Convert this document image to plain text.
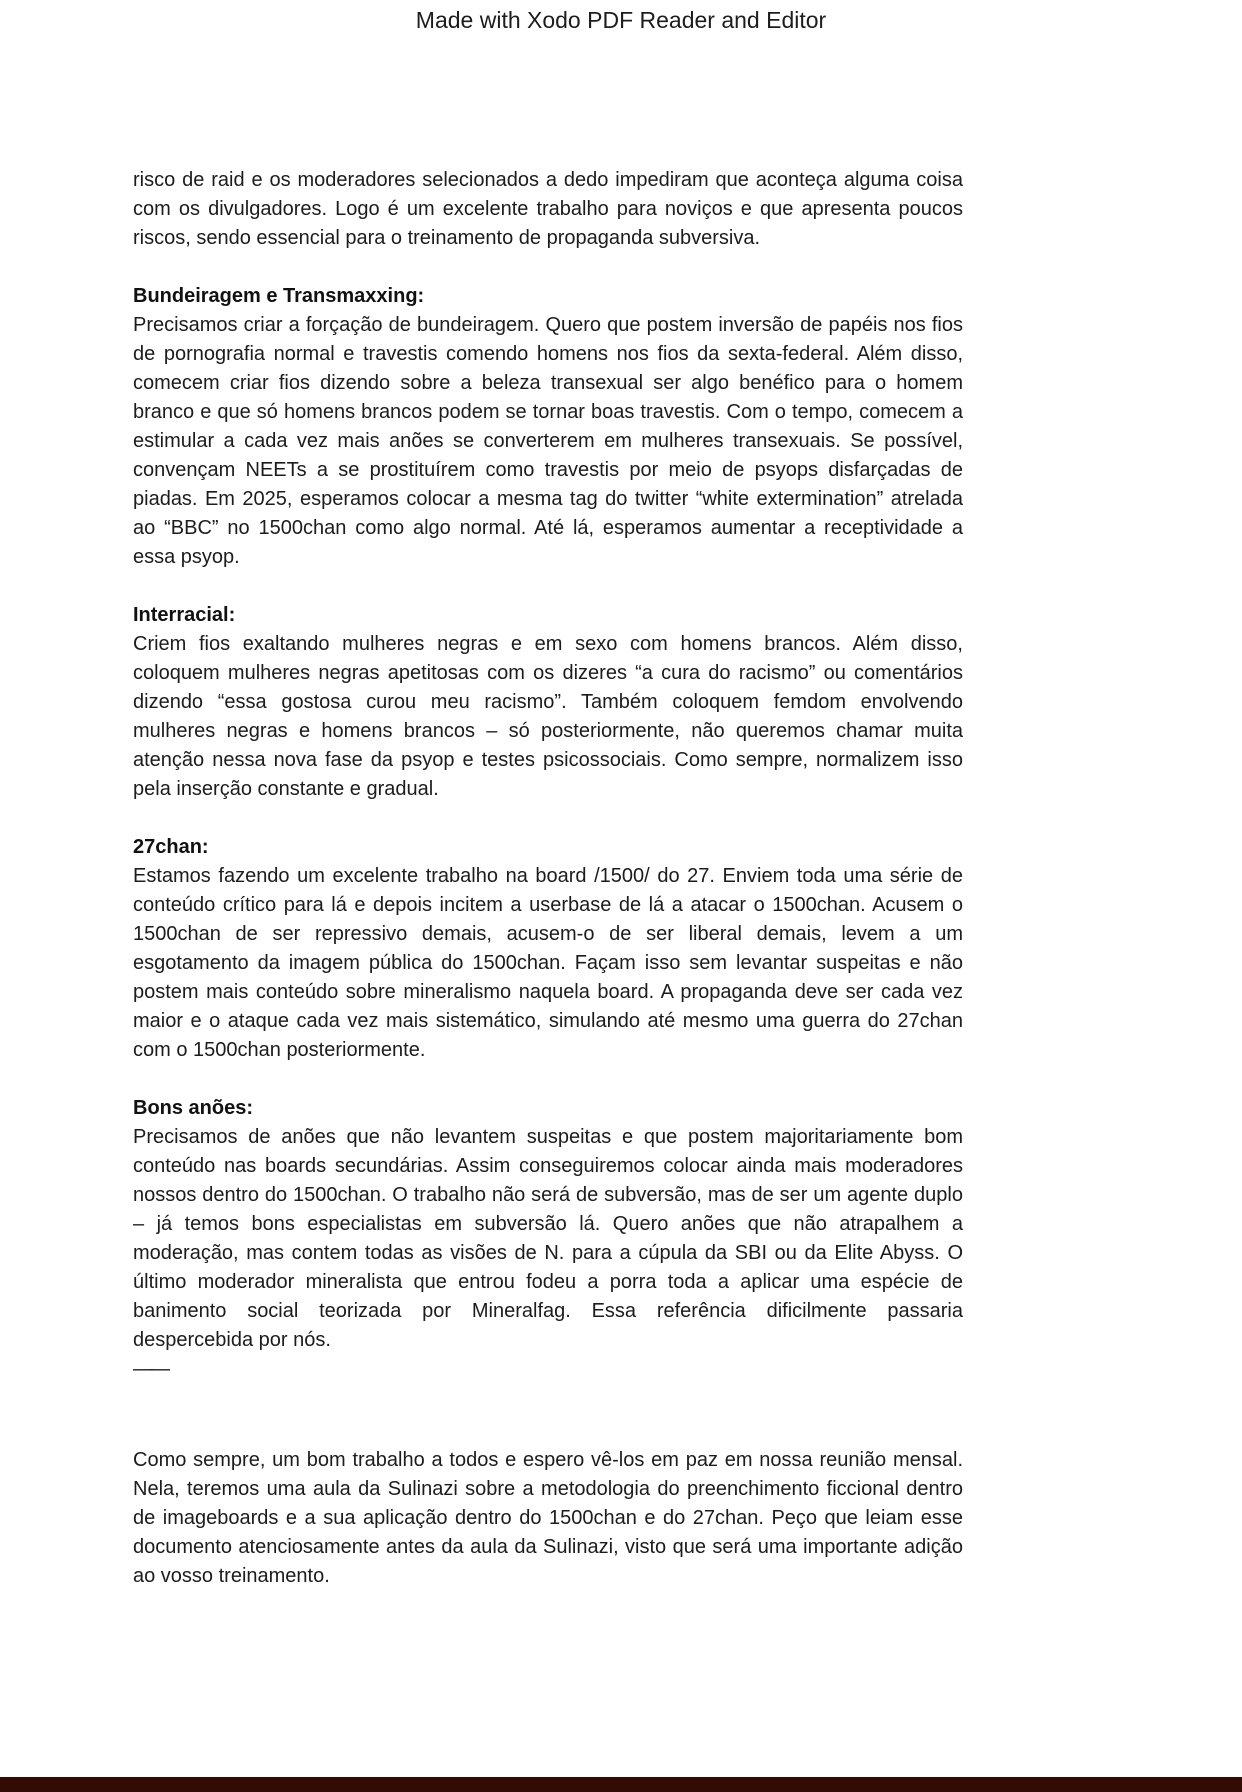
Made with Xodo PDF Reader and Editor

risco de raid e os moderadores selecionados a dedo impediram que aconteça alguma coisa com os divulgadores. Logo é um excelente trabalho para noviços e que apresenta poucos riscos, sendo essencial para o treinamento de propaganda subversiva.

Bundeiragem e Transmaxxing:

Precisamos criar a forçação de bundeiragem. Quero que postem inversão de papéis nos fios de pornografia normal e travestis comendo homens nos fios da sexta-federal. Além disso, comecem criar fios dizendo sobre a beleza transexual ser algo benéfico para o homem branco e que só homens brancos podem se tornar boas travestis. Com o tempo, comecem a estimular a cada vez mais anões se converterem em mulheres transexuais. Se possível, convençam NEETs a se prostituírem como travestis por meio de psyops disfarçadas de piadas. Em 2025, esperamos colocar a mesma tag do twitter “white extermination” atrelada ao “BBC” no 1500chan como algo normal. Até lá, esperamos aumentar a receptividade a essa psyop.

Interracial:

Criem fios exaltando mulheres negras e em sexo com homens brancos. Além disso, coloquem mulheres negras apetitosas com os dizeres “a cura do racismo” ou comentários dizendo “essa gostosa curou meu racismo”. Também coloquem femdom envolvendo mulheres negras e homens brancos – só posteriormente, não queremos chamar muita atenção nessa nova fase da psyop e testes psicossociais. Como sempre, normalizem isso pela inserção constante e gradual.

27chan:

Estamos fazendo um excelente trabalho na board /1500/ do 27. Enviem toda uma série de conteúdo crítico para lá e depois incitem a userbase de lá a atacar o 1500chan. Acusem o 1500chan de ser repressivo demais, acusem-o de ser liberal demais, levem a um esgotamento da imagem pública do 1500chan. Façam isso sem levantar suspeitas e não postem mais conteúdo sobre mineralismo naquela board. A propaganda deve ser cada vez maior e o ataque cada vez mais sistemático, simulando até mesmo uma guerra do 27chan com o 1500chan posteriormente.

Bons anões:

Precisamos de anões que não levantem suspeitas e que postem majoritariamente bom conteúdo nas boards secundárias. Assim conseguiremos colocar ainda mais moderadores nossos dentro do 1500chan. O trabalho não será de subversão, mas de ser um agente duplo – já temos bons especialistas em subversão lá. Quero anões que não atrapalhem a moderação, mas contem todas as visões de N. para a cúpula da SBI ou da Elite Abyss. O último moderador mineralista que entrou fodeu a porra toda a aplicar uma espécie de banimento social teorizada por Mineralfag. Essa referência dificilmente passaria despercebida por nós.

——

Como sempre, um bom trabalho a todos e espero vê-los em paz em nossa reunião mensal. Nela, teremos uma aula da Sulinazi sobre a metodologia do preenchimento ficcional dentro de imageboards e a sua aplicação dentro do 1500chan e do 27chan. Peço que leiam esse documento atenciosamente antes da aula da Sulinazi, visto que será uma importante adição ao vosso treinamento.
